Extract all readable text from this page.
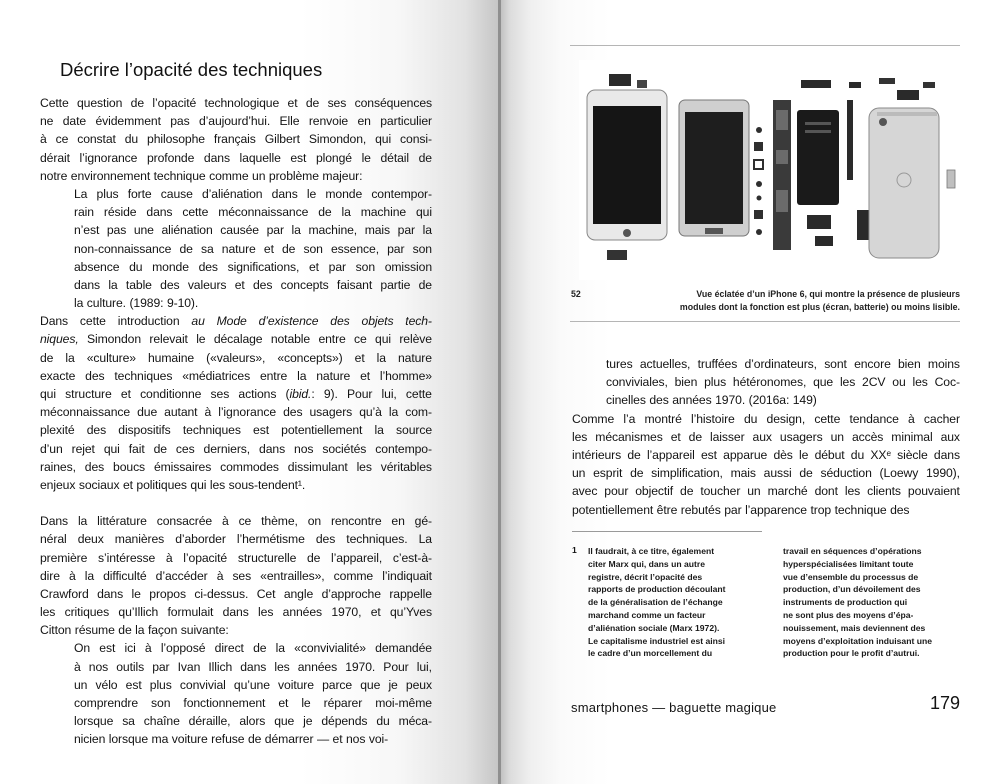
Décrire l’opacité des techniques
Cette question de l’opacité technologique et de ses conséquences
ne date évidemment pas d’aujourd’hui. Elle renvoie en particulier
à ce constat du philosophe français Gilbert Simondon, qui consi-
dérait l’ignorance profonde dans laquelle est plongé le détail de
notre environnement technique comme un problème majeur:
La plus forte cause d’aliénation dans le monde contempor-
rain réside dans cette méconnaissance de la machine qui
n’est pas une aliénation causée par la machine, mais par la
non-connaissance de sa nature et de son essence, par son
absence du monde des significations, et par son omission
dans la table des valeurs et des concepts faisant partie de
la culture. (1989: 9-10).
Dans cette introduction au Mode d’existence des objets tech-
niques, Simondon relevait le décalage notable entre ce qui relève
de la «culture» humaine («valeurs», «concepts») et la nature
exacte des techniques «médiatrices entre la nature et l’homme»
qui structure et conditionne ses actions (ibid.: 9). Pour lui, cette
méconnaissance due autant à l’ignorance des usagers qu’à la com-
plexité des dispositifs techniques est potentiellement la source
d’un rejet qui fait de ces derniers, dans nos sociétés contempo-
raines, des boucs émissaires commodes dissimulant les véritables
enjeux sociaux et politiques qui les sous-tendent¹.
Dans la littérature consacrée à ce thème, on rencontre en gé-
néral deux manières d’aborder l’hermétisme des techniques. La
première s’intéresse à l’opacité structurelle de l’appareil, c’est-à-
dire à la difficulté d’accéder à ses «entrailles», comme l’indiquait
Crawford dans le propos ci-dessus. Cet angle d’approche rappelle
les critiques qu’Illich formulait dans les années 1970, et qu’Yves
Citton résume de la façon suivante:
On est ici à l’opposé direct de la «convivialité» demandée
à nos outils par Ivan Illich dans les années 1970. Pour lui,
un vélo est plus convivial qu’une voiture parce que je peux
comprendre son fonctionnement et le réparer moi-même
lorsque sa chaîne déraille, alors que je dépends du méca-
nicien lorsque ma voiture refuse de démarrer — et nos voi-
52	Vue éclatée d’un iPhone 6, qui montre la présence de plusieurs
modules dont la fonction est plus (écran, batterie) ou moins lisible.
tures actuelles, truffées d’ordinateurs, sont encore bien moins
conviviales, bien plus hétéronomes, que les 2CV ou les Coc-
cinelles des années 1970. (2016a: 149)
Comme l’a montré l’histoire du design, cette tendance à cacher
les mécanismes et de laisser aux usagers un accès minimal aux
intérieurs de l’appareil est apparue dès le début du XXᵉ siècle dans
un esprit de simplification, mais aussi de séduction (Loewy 1990),
avec pour objectif de toucher un marché dont les clients pouvaient
potentiellement être rebutés par l’apparence trop technique des
1 Il faudrait, à ce titre, également
citer Marx qui, dans un autre
registre, décrit l’opacité des
rapports de production découlant
de la généralisation de l’échange
marchand comme un facteur
d’aliénation sociale (Marx 1972).
Le capitalisme industriel est ainsi
le cadre d’un morcellement du
travail en séquences d’opérations
hyperspécialisées limitant toute
vue d’ensemble du processus de
production, d’un dévoilement des
instruments de production qui
ne sont plus des moyens d’épa-
nouissement, mais deviennent des
moyens d’exploitation induisant une
production pour le profit d’autrui.
smartphones — baguette magique	179
